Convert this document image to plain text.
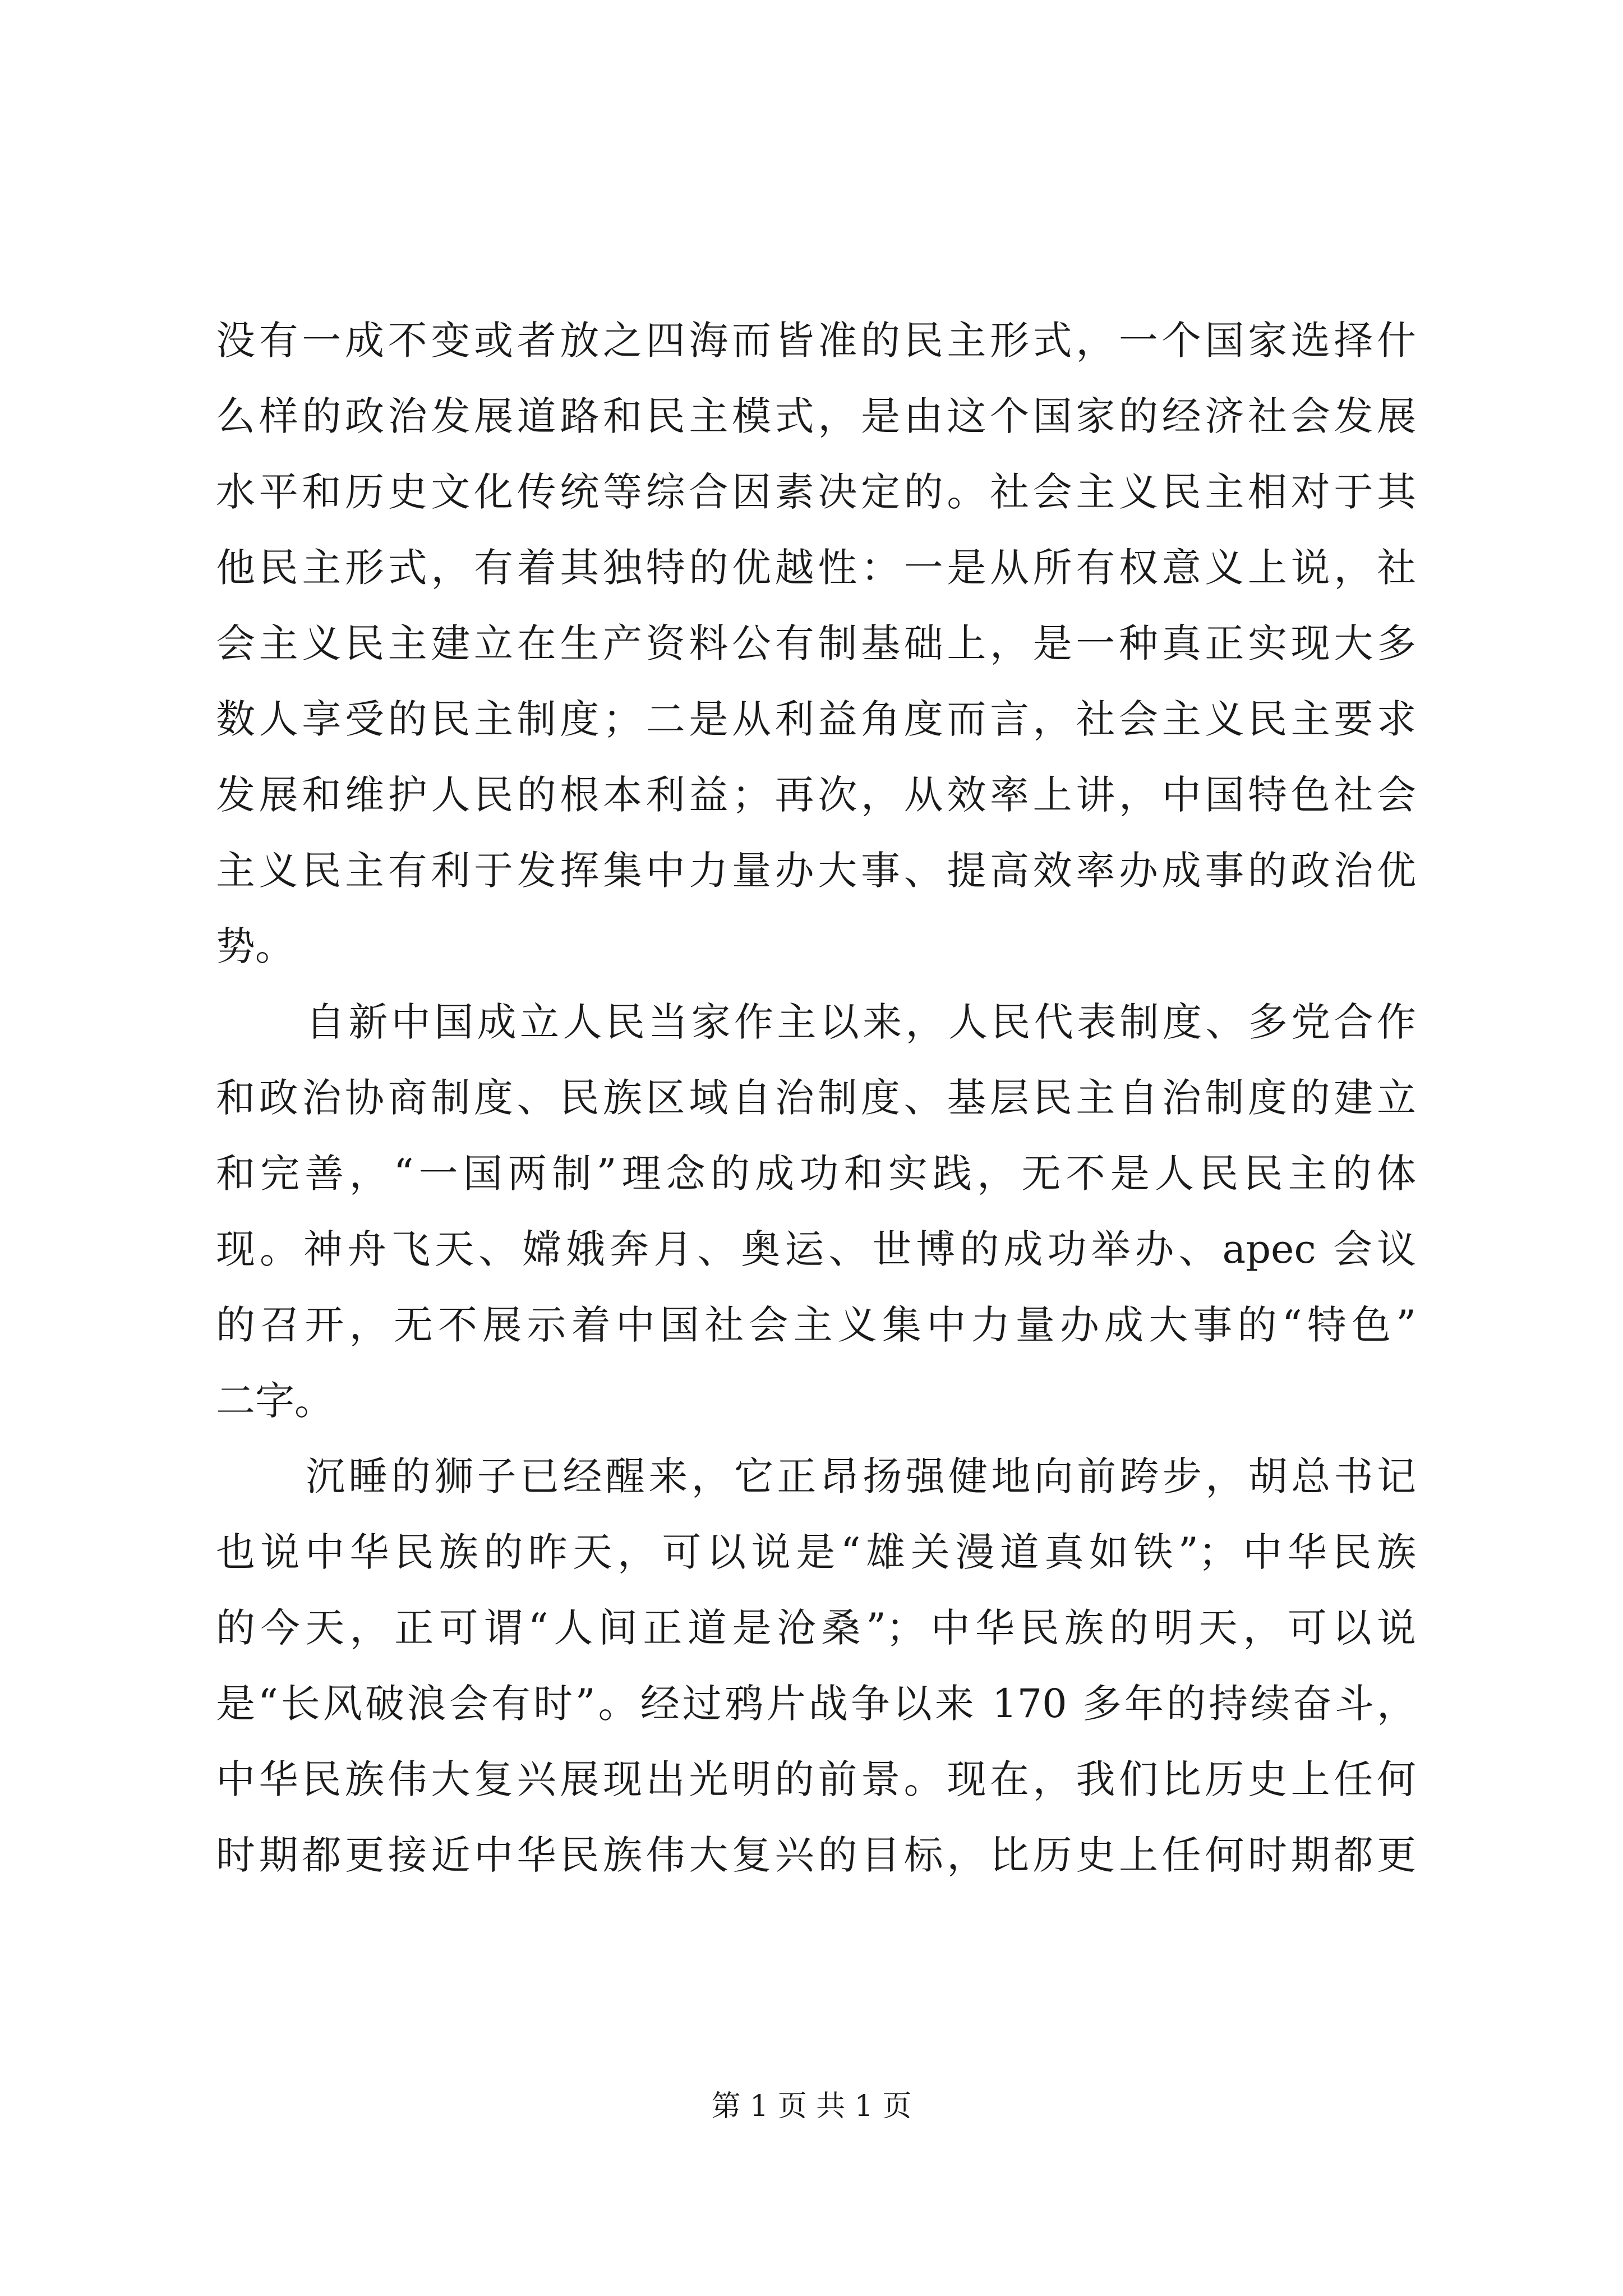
没有一成不变或者放之四海而皆准的民主形式，一个国家选择什
么样的政治发展道路和民主模式，是由这个国家的经济社会发展
水平和历史文化传统等综合因素决定的。社会主义民主相对于其
他民主形式，有着其独特的优越性：一是从所有权意义上说，社
会主义民主建立在生产资料公有制基础上，是一种真正实现大多
数人享受的民主制度；二是从利益角度而言，社会主义民主要求
发展和维护人民的根本利益；再次，从效率上讲，中国特色社会
主义民主有利于发挥集中力量办大事、提高效率办成事的政治优
势。
自新中国成立人民当家作主以来，人民代表制度、多党合作
和政治协商制度、民族区域自治制度、基层民主自治制度的建立
和完善，“一国两制”理念的成功和实践，无不是人民民主的体
现。神舟飞天、嫦娥奔月、奥运、世博的成功举办、apec 会议
的召开，无不展示着中国社会主义集中力量办成大事的“特色”
二字。
沉睡的狮子已经醒来，它正昂扬强健地向前跨步，胡总书记
也说中华民族的昨天，可以说是“雄关漫道真如铁”；中华民族
的今天，正可谓“人间正道是沧桑”；中华民族的明天，可以说
是“长风破浪会有时”。经过鸦片战争以来 170 多年的持续奋斗，
中华民族伟大复兴展现出光明的前景。现在，我们比历史上任何
时期都更接近中华民族伟大复兴的目标，比历史上任何时期都更
第 1 页 共 1 页
